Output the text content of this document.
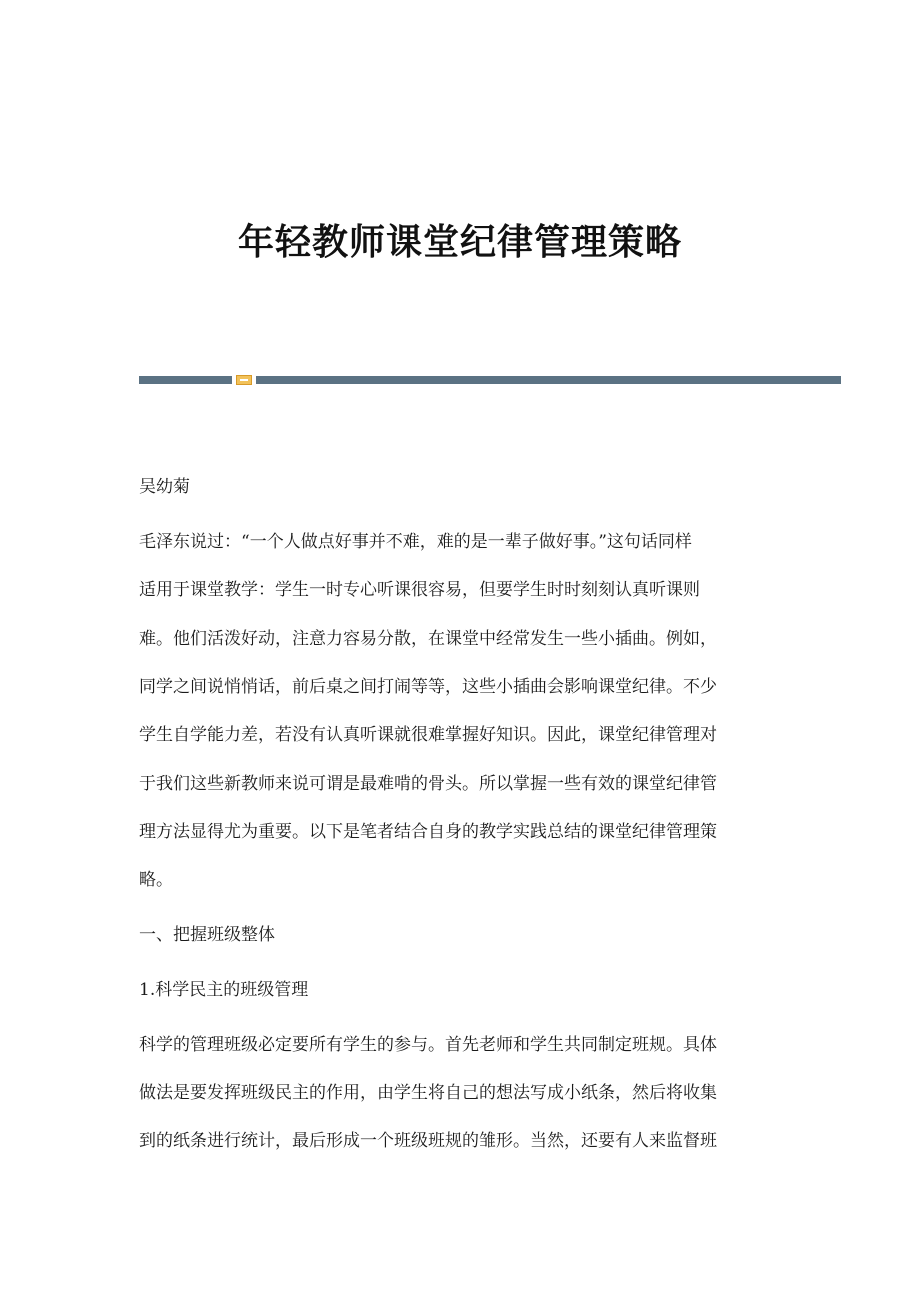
年轻教师课堂纪律管理策略
吴幼菊
毛泽东说过：“一个人做点好事并不难，难的是一辈子做好事。”这句话同样
适用于课堂教学：学生一时专心听课很容易，但要学生时时刻刻认真听课则
难。他们活泼好动，注意力容易分散，在课堂中经常发生一些小插曲。例如，
同学之间说悄悄话，前后桌之间打闹等等，这些小插曲会影响课堂纪律。不少
学生自学能力差，若没有认真听课就很难掌握好知识。因此，课堂纪律管理对
于我们这些新教师来说可谓是最难啃的骨头。所以掌握一些有效的课堂纪律管
理方法显得尤为重要。以下是笔者结合自身的教学实践总结的课堂纪律管理策
略。
一、把握班级整体
1.科学民主的班级管理
科学的管理班级必定要所有学生的参与。首先老师和学生共同制定班规。具体
做法是要发挥班级民主的作用，由学生将自己的想法写成小纸条，然后将收集
到的纸条进行统计，最后形成一个班级班规的雏形。当然，还要有人来监督班
